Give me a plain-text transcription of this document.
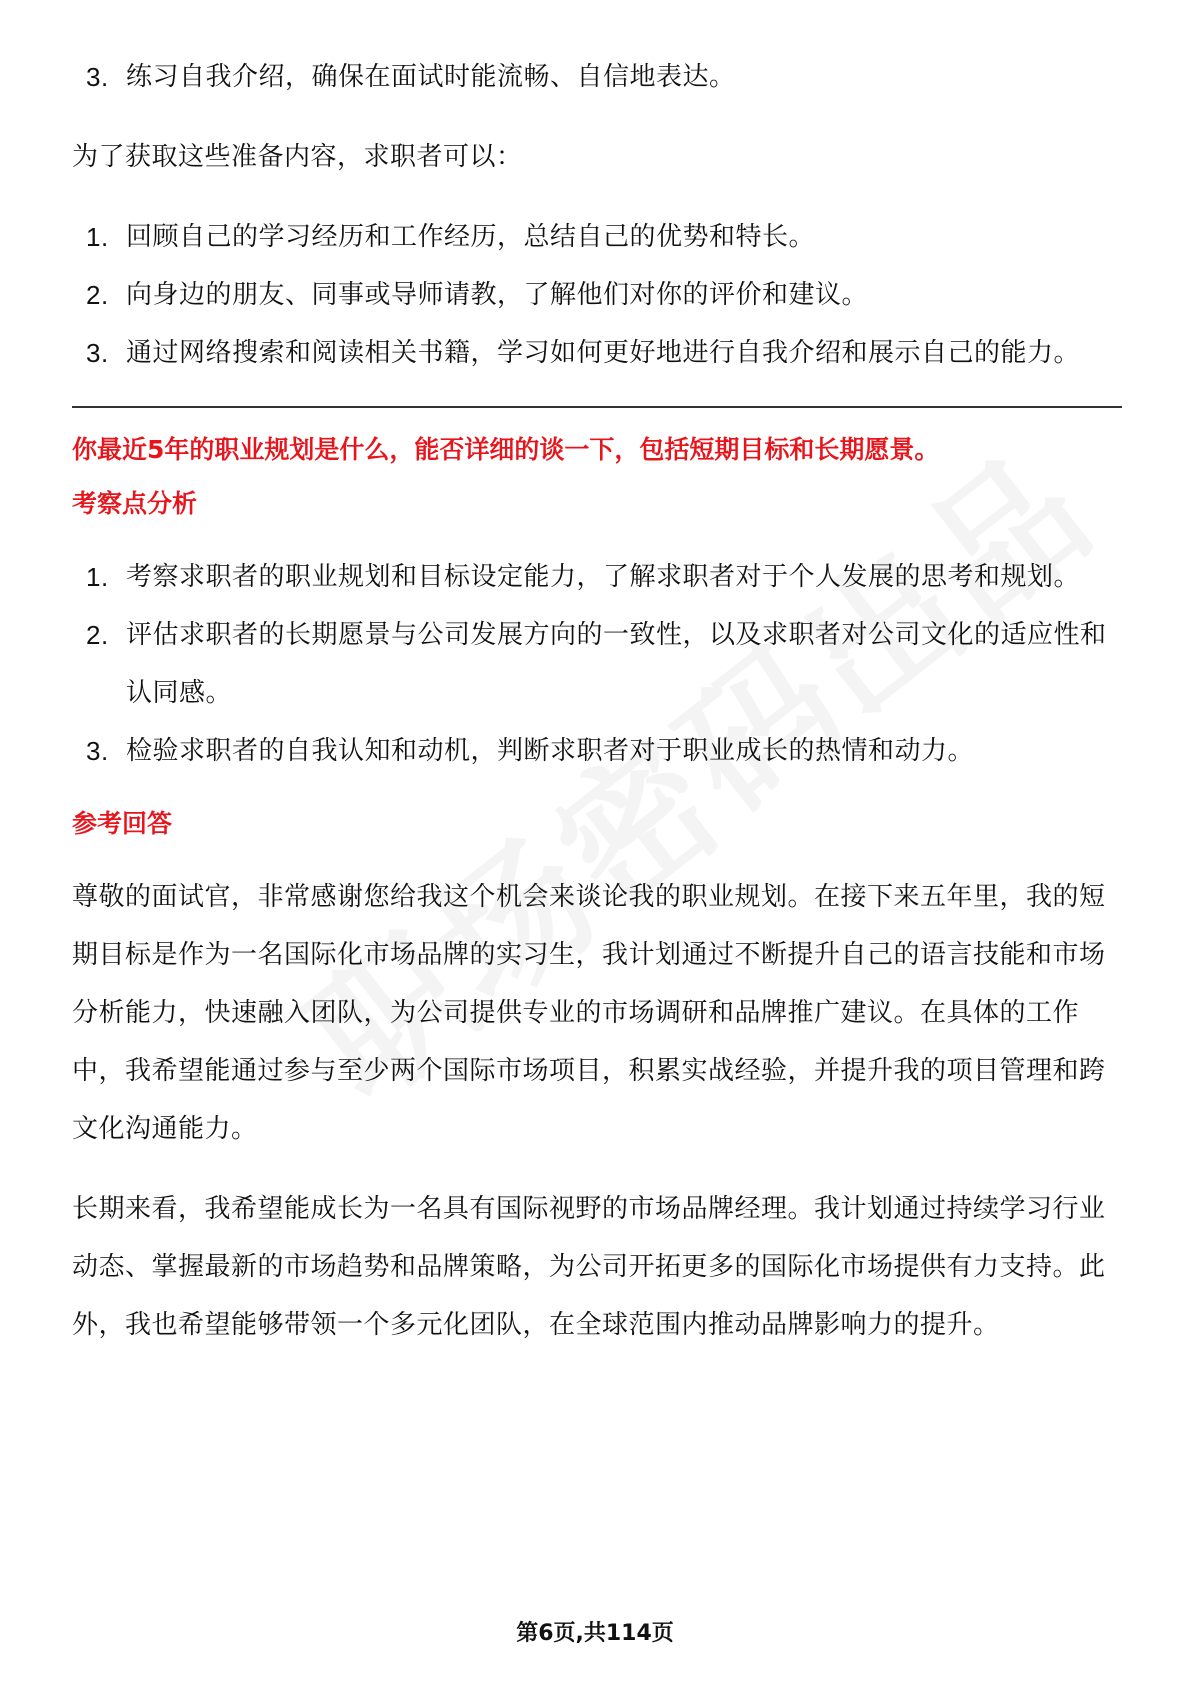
3. 练习自我介绍，确保在面试时能流畅、自信地表达。

为了获取这些准备内容，求职者可以：

1. 回顾自己的学习经历和工作经历，总结自己的优势和特长。
2. 向身边的朋友、同事或导师请教，了解他们对你的评价和建议。
3. 通过网络搜索和阅读相关书籍，学习如何更好地进行自我介绍和展示自己的能力。

你最近5年的职业规划是什么，能否详细的谈一下，包括短期目标和长期愿景。

考察点分析

1. 考察求职者的职业规划和目标设定能力，了解求职者对于个人发展的思考和规划。
2. 评估求职者的长期愿景与公司发展方向的一致性，以及求职者对公司文化的适应性和认同感。
3. 检验求职者的自我认知和动机，判断求职者对于职业成长的热情和动力。

参考回答

尊敬的面试官，非常感谢您给我这个机会来谈论我的职业规划。在接下来五年里，我的短期目标是作为一名国际化市场品牌的实习生，我计划通过不断提升自己的语言技能和市场分析能力，快速融入团队，为公司提供专业的市场调研和品牌推广建议。在具体的工作中，我希望能通过参与至少两个国际市场项目，积累实战经验，并提升我的项目管理和跨文化沟通能力。

长期来看，我希望能成长为一名具有国际视野的市场品牌经理。我计划通过持续学习行业动态、掌握最新的市场趋势和品牌策略，为公司开拓更多的国际化市场提供有力支持。此外，我也希望能够带领一个多元化团队，在全球范围内推动品牌影响力的提升。

第6页,共114页
